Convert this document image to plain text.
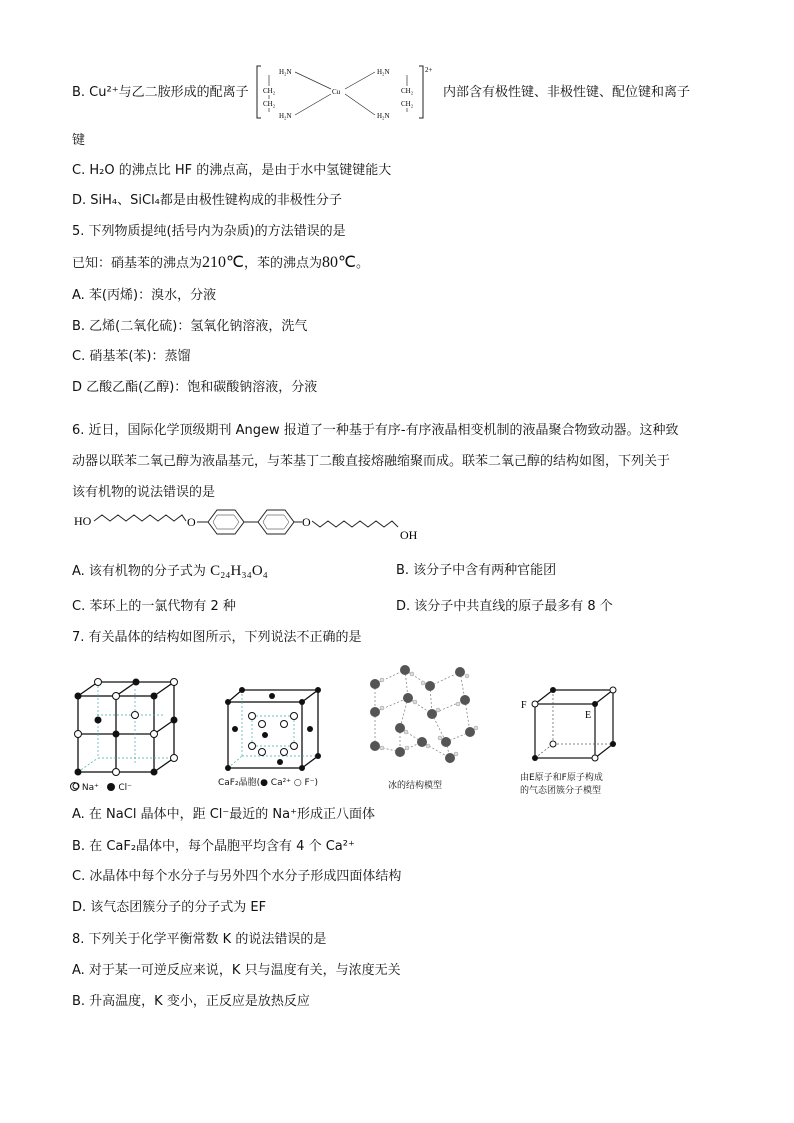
B. Cu²⁺与乙二胺形成的配离子
H₂N
CH₂
CH₂
H₂N
Cu
H₂N
CH₂
CH₂
H₂N
2+
内部含有极性键、非极性键、配位键和离子
键
C. H₂O 的沸点比 HF 的沸点高，是由于水中氢键键能大
D. SiH₄、SiCl₄都是由极性键构成的非极性分子
5. 下列物质提纯(括号内为杂质)的方法错误的是
已知：硝基苯的沸点为210℃，苯的沸点为80℃。
A. 苯(丙烯)：溴水，分液
B. 乙烯(二氧化硫)：氢氧化钠溶液，洗气
C. 硝基苯(苯)：蒸馏
D 乙酸乙酯(乙醇)：饱和碳酸钠溶液，分液
6. 近日，国际化学顶级期刊 Angew 报道了一种基于有序-有序液晶相变机制的液晶聚合物致动器。这种致
动器以联苯二氧己醇为液晶基元，与苯基丁二酸直接熔融缩聚而成。联苯二氧己醇的结构如图，下列关于
该有机物的说法错误的是
HO	O	O
OH
A. 该有机物的分子式为 C₂₄H₃₄O₄	B. 该分子中含有两种官能团
C. 苯环上的一氯代物有 2 种	D. 该分子中共直线的原子最多有 8 个
7. 有关晶体的结构如图所示，下列说法不正确的是
Na⁺ Cl⁻	CaF₂晶胞(● Ca²⁺ ○ F⁻)	冰的结构模型
F
E
由E原子和F原子构成
的气态团簇分子模型
A. 在 NaCl 晶体中，距 Cl⁻最近的 Na⁺形成正八面体
B. 在 CaF₂晶体中，每个晶胞平均含有 4 个 Ca²⁺
C. 冰晶体中每个水分子与另外四个水分子形成四面体结构
D. 该气态团簇分子的分子式为 EF
8. 下列关于化学平衡常数 K 的说法错误的是
A. 对于某一可逆反应来说，K 只与温度有关，与浓度无关
B. 升高温度，K 变小，正反应是放热反应
